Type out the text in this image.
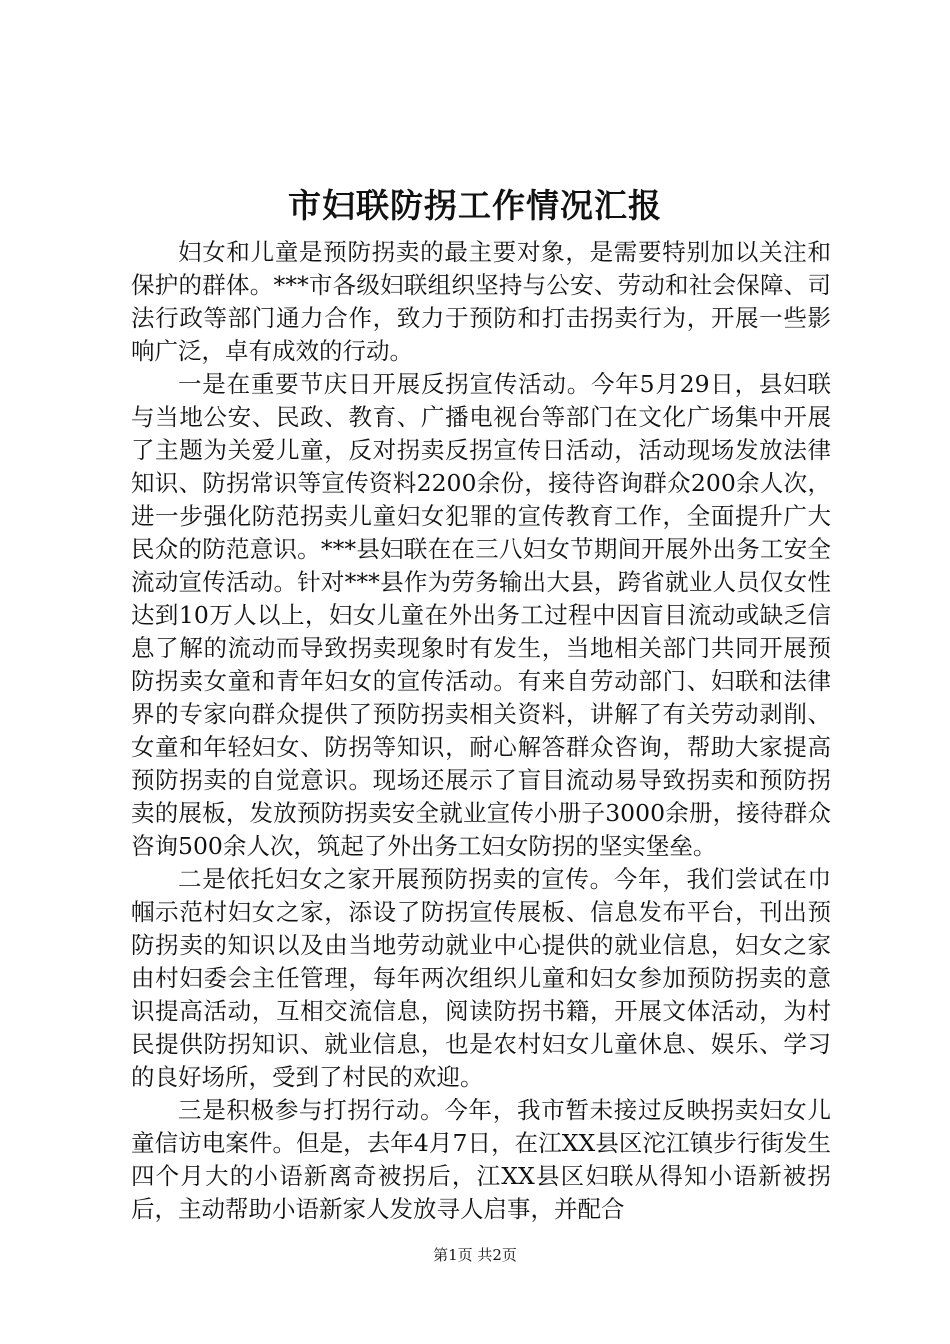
市妇联防拐工作情况汇报

妇女和儿童是预防拐卖的最主要对象，是需要特别加以关注和保护的群体。***市各级妇联组织坚持与公安、劳动和社会保障、司法行政等部门通力合作，致力于预防和打击拐卖行为，开展一些影响广泛，卓有成效的行动。

一是在重要节庆日开展反拐宣传活动。今年5月29日，县妇联与当地公安、民政、教育、广播电视台等部门在文化广场集中开展了主题为关爱儿童，反对拐卖反拐宣传日活动，活动现场发放法律知识、防拐常识等宣传资料2200余份，接待咨询群众200余人次，进一步强化防范拐卖儿童妇女犯罪的宣传教育工作，全面提升广大民众的防范意识。***县妇联在在三八妇女节期间开展外出务工安全流动宣传活动。针对***县作为劳务输出大县，跨省就业人员仅女性达到10万人以上，妇女儿童在外出务工过程中因盲目流动或缺乏信息了解的流动而导致拐卖现象时有发生，当地相关部门共同开展预防拐卖女童和青年妇女的宣传活动。有来自劳动部门、妇联和法律界的专家向群众提供了预防拐卖相关资料，讲解了有关劳动剥削、女童和年轻妇女、防拐等知识，耐心解答群众咨询，帮助大家提高预防拐卖的自觉意识。现场还展示了盲目流动易导致拐卖和预防拐卖的展板，发放预防拐卖安全就业宣传小册子3000余册，接待群众咨询500余人次，筑起了外出务工妇女防拐的坚实堡垒。

二是依托妇女之家开展预防拐卖的宣传。今年，我们尝试在巾帼示范村妇女之家，添设了防拐宣传展板、信息发布平台，刊出预防拐卖的知识以及由当地劳动就业中心提供的就业信息，妇女之家由村妇委会主任管理，每年两次组织儿童和妇女参加预防拐卖的意识提高活动，互相交流信息，阅读防拐书籍，开展文体活动，为村民提供防拐知识、就业信息，也是农村妇女儿童休息、娱乐、学习的良好场所，受到了村民的欢迎。

三是积极参与打拐行动。今年，我市暂未接过反映拐卖妇女儿童信访电案件。但是，去年4月7日，在江XX县区沱江镇步行街发生四个月大的小语新离奇被拐后，江XX县区妇联从得知小语新被拐后，主动帮助小语新家人发放寻人启事，并配合

第1页 共2页
